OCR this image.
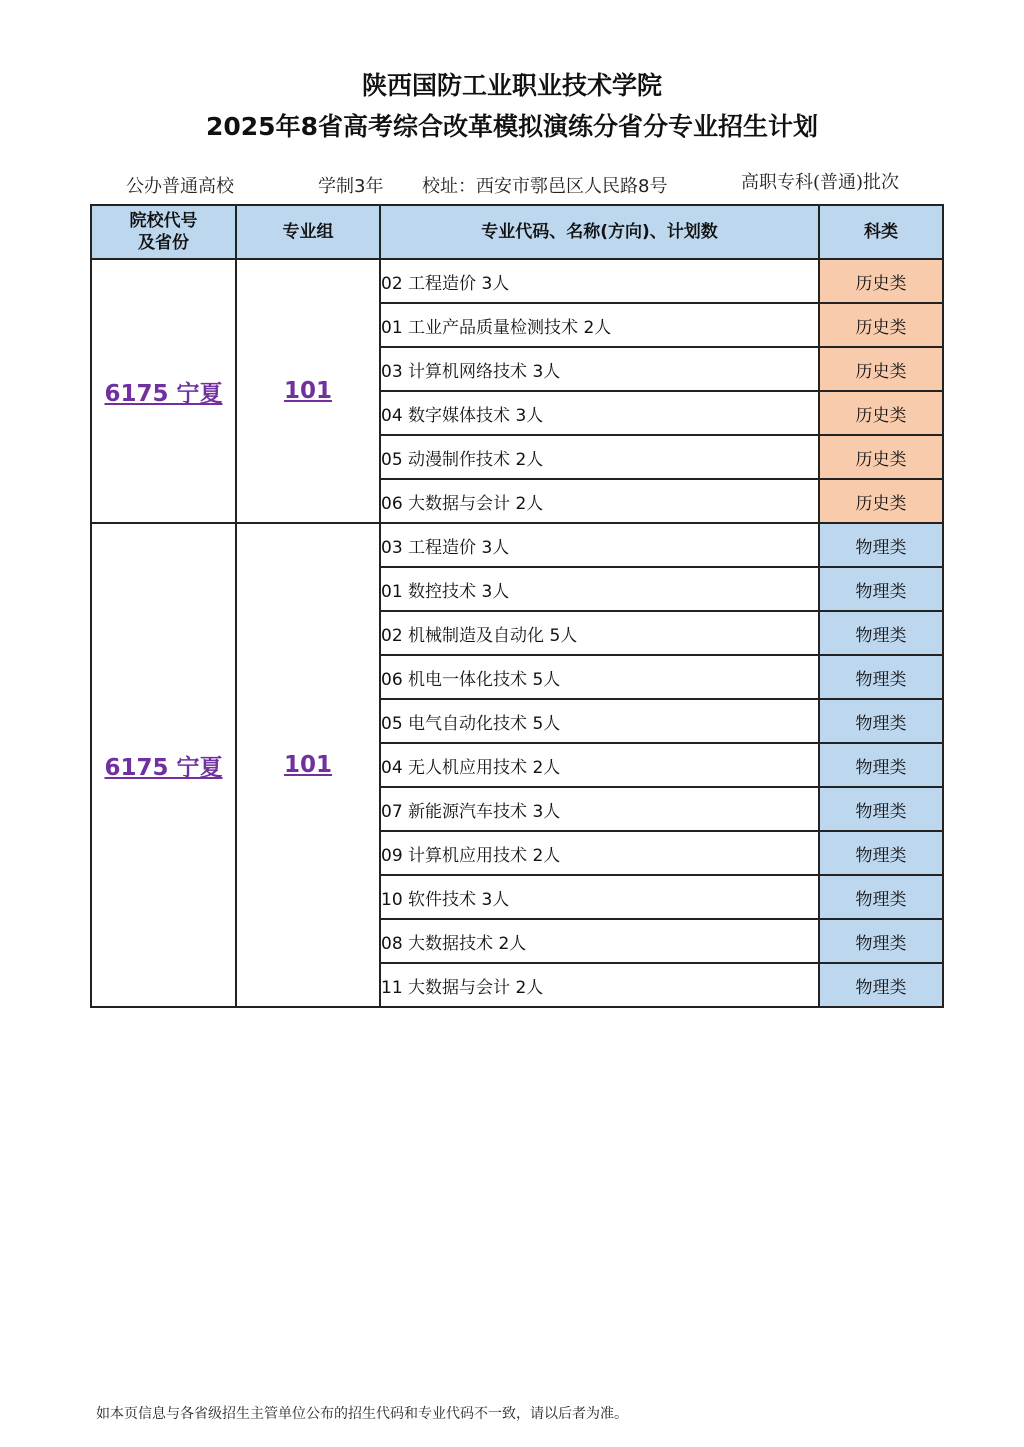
陕西国防工业职业技术学院
2025年8省高考综合改革模拟演练分省分专业招生计划
公办普通高校	学制3年 校址：西安市鄠邑区人民路8号	高职专科(普通)批次
院校代号
及省份	专业组	专业代码、名称(方向)、计划数	科类
6175 宁夏	101	02 工程造价 3人	历史类
		01 工业产品质量检测技术 2人	历史类
		03 计算机网络技术 3人	历史类
		04 数字媒体技术 3人	历史类
		05 动漫制作技术 2人	历史类
		06 大数据与会计 2人	历史类
6175 宁夏	101	03 工程造价 3人	物理类
		01 数控技术 3人	物理类
		02 机械制造及自动化 5人	物理类
		06 机电一体化技术 5人	物理类
		05 电气自动化技术 5人	物理类
		04 无人机应用技术 2人	物理类
		07 新能源汽车技术 3人	物理类
		09 计算机应用技术 2人	物理类
		10 软件技术 3人	物理类
		08 大数据技术 2人	物理类
		11 大数据与会计 2人	物理类
如本页信息与各省级招生主管单位公布的招生代码和专业代码不一致，请以后者为准。
